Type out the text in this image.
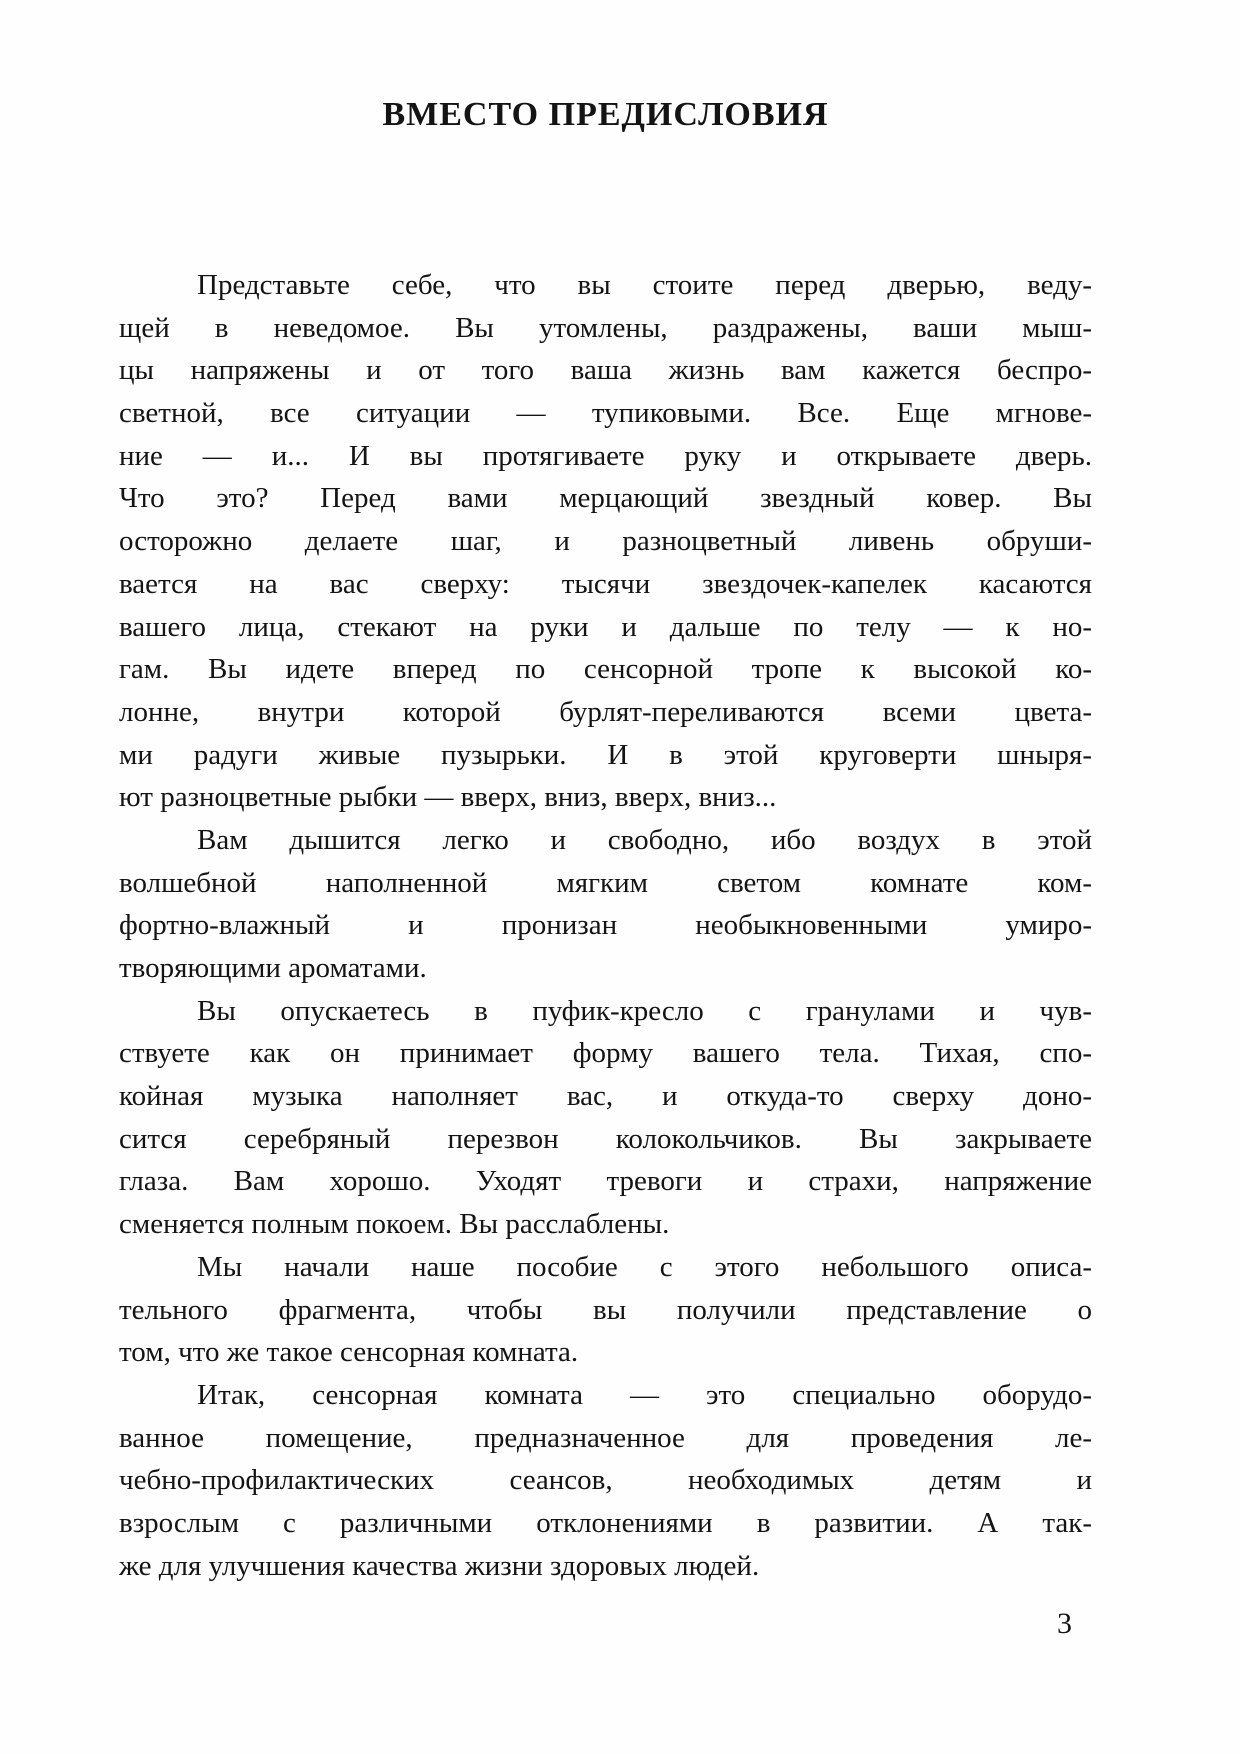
ВМЕСТО ПРЕДИСЛОВИЯ
Представьте себе, что вы стоите перед дверью, веду-
щей в неведомое. Вы утомлены, раздражены, ваши мыш-
цы напряжены и от того ваша жизнь вам кажется беспро-
светной, все ситуации — тупиковыми. Все. Еще мгнове-
ние — и... И вы протягиваете руку и открываете дверь.
Что это? Перед вами мерцающий звездный ковер. Вы
осторожно делаете шаг, и разноцветный ливень обруши-
вается на вас сверху: тысячи звездочек-капелек касаются
вашего лица, стекают на руки и дальше по телу — к но-
гам. Вы идете вперед по сенсорной тропе к высокой ко-
лонне, внутри которой бурлят-переливаются всеми цвета-
ми радуги живые пузырьки. И в этой круговерти шныря-
ют разноцветные рыбки — вверх, вниз, вверх, вниз...
Вам дышится легко и свободно, ибо воздух в этой
волшебной наполненной мягким светом комнате ком-
фортно-влажный и пронизан необыкновенными умиро-
творяющими ароматами.
Вы опускаетесь в пуфик-кресло с гранулами и чув-
ствуете как он принимает форму вашего тела. Тихая, спо-
койная музыка наполняет вас, и откуда-то сверху доно-
сится серебряный перезвон колокольчиков. Вы закрываете
глаза. Вам хорошо. Уходят тревоги и страхи, напряжение
сменяется полным покоем. Вы расслаблены.
Мы начали наше пособие с этого небольшого описа-
тельного фрагмента, чтобы вы получили представление о
том, что же такое сенсорная комната.
Итак, сенсорная комната — это специально оборудо-
ванное помещение, предназначенное для проведения ле-
чебно-профилактических сеансов, необходимых детям и
взрослым с различными отклонениями в развитии. А так-
же для улучшения качества жизни здоровых людей.
3
